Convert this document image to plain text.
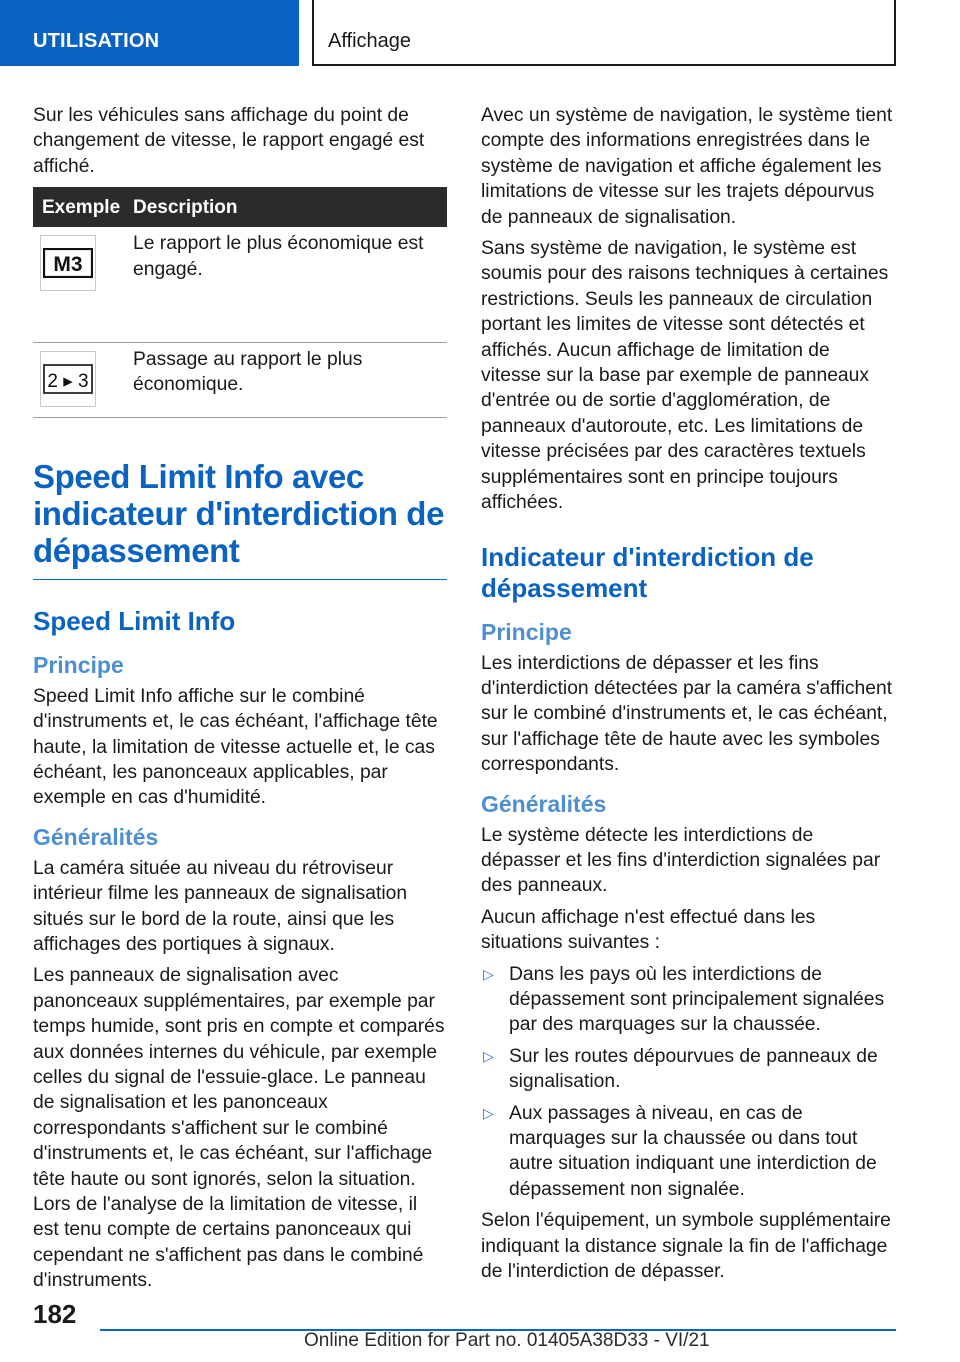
UTILISATION	Affichage

Sur les véhicules sans affichage du point de changement de vitesse, le rapport engagé est affiché.

Exemple	Description

M3	Le rapport le plus économique est engagé.

2 ▸ 3	Passage au rapport le plus économique.
Speed Limit Info avec indicateur d'interdiction de dépassement
Speed Limit Info
Principe

Speed Limit Info affiche sur le combiné d'instruments et, le cas échéant, l'affichage tête haute, la limitation de vitesse actuelle et, le cas échéant, les panonceaux applicables, par exemple en cas d'humidité.

Généralités

La caméra située au niveau du rétroviseur intérieur filme les panneaux de signalisation situés sur le bord de la route, ainsi que les affichages des portiques à signaux.

Les panneaux de signalisation avec panonceaux supplémentaires, par exemple par temps humide, sont pris en compte et comparés aux données internes du véhicule, par exemple celles du signal de l'essuie-glace. Le panneau de signalisation et les panonceaux correspondants s'affichent sur le combiné d'instruments et, le cas échéant, sur l'affichage tête haute ou sont ignorés, selon la situation. Lors de l'analyse de la limitation de vitesse, il est tenu compte de certains panonceaux qui cependant ne s'affichent pas dans le combiné d'instruments.

Avec un système de navigation, le système tient compte des informations enregistrées dans le système de navigation et affiche également les limitations de vitesse sur les trajets dépourvus de panneaux de signalisation.

Sans système de navigation, le système est soumis pour des raisons techniques à certaines restrictions. Seuls les panneaux de circulation portant les limites de vitesse sont détectés et affichés. Aucun affichage de limitation de vitesse sur la base par exemple de panneaux d'entrée ou de sortie d'agglomération, de panneaux d'autoroute, etc. Les limitations de vitesse précisées par des caractères textuels supplémentaires sont en principe toujours affichées.

Indicateur d'interdiction de dépassement
Principe

Les interdictions de dépasser et les fins d'interdiction détectées par la caméra s'affichent sur le combiné d'instruments et, le cas échéant, sur l'affichage tête de haute avec les symboles correspondants.

Généralités

Le système détecte les interdictions de dépasser et les fins d'interdiction signalées par des panneaux.

Aucun affichage n'est effectué dans les situations suivantes :

▷ Dans les pays où les interdictions de dépassement sont principalement signalées par des marquages sur la chaussée.
▷ Sur les routes dépourvues de panneaux de signalisation.
▷ Aux passages à niveau, en cas de marquages sur la chaussée ou dans tout autre situation indiquant une interdiction de dépassement non signalée.

Selon l'équipement, un symbole supplémentaire indiquant la distance signale la fin de l'affichage de l'interdiction de dépasser.

182
Online Edition for Part no. 01405A38D33 - VI/21
